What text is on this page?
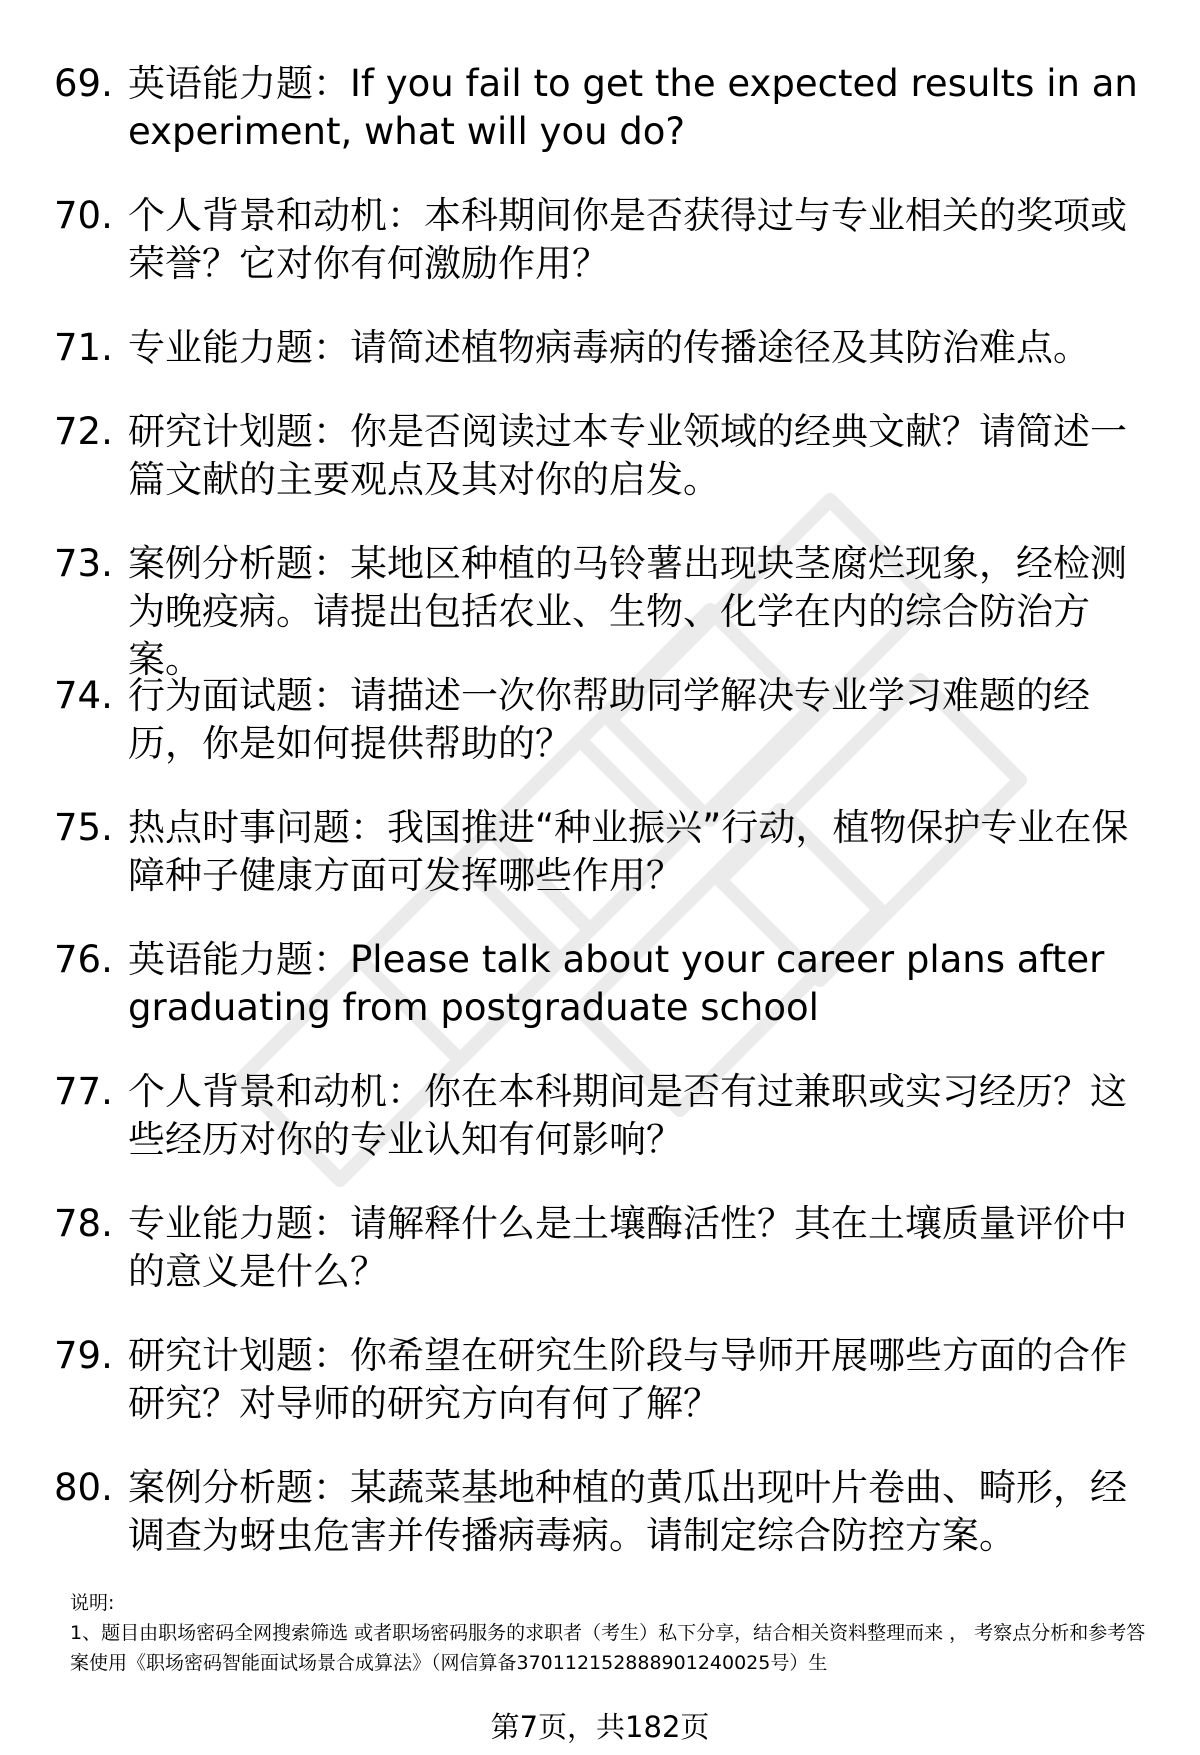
69. 英语能力题：If you fail to get the expected results in an experiment, what will you do?
70. 个人背景和动机：本科期间你是否获得过与专业相关的奖项或荣誉？它对你有何激励作用？
71. 专业能力题：请简述植物病毒病的传播途径及其防治难点。
72. 研究计划题：你是否阅读过本专业领域的经典文献？请简述一篇文献的主要观点及其对你的启发。
73. 案例分析题：某地区种植的马铃薯出现块茎腐烂现象，经检测为晚疫病。请提出包括农业、生物、化学在内的综合防治方案。
74. 行为面试题：请描述一次你帮助同学解决专业学习难题的经历，你是如何提供帮助的？
75. 热点时事问题：我国推进“种业振兴”行动，植物保护专业在保障种子健康方面可发挥哪些作用？
76. 英语能力题：Please talk about your career plans after graduating from postgraduate school
77. 个人背景和动机：你在本科期间是否有过兼职或实习经历？这些经历对你的专业认知有何影响？
78. 专业能力题：请解释什么是土壤酶活性？其在土壤质量评价中的意义是什么？
79. 研究计划题：你希望在研究生阶段与导师开展哪些方面的合作研究？对导师的研究方向有何了解？
80. 案例分析题：某蔬菜基地种植的黄瓜出现叶片卷曲、畸形，经调查为蚜虫危害并传播病毒病。请制定综合防控方案。
说明:
1、题目由职场密码全网搜索筛选 或者职场密码服务的求职者（考生）私下分享，结合相关资料整理而来 ， 考察点分析和参考答案使用《职场密码智能面试场景合成算法》（网信算备370112152888901240025号）生
第7页，共182页
